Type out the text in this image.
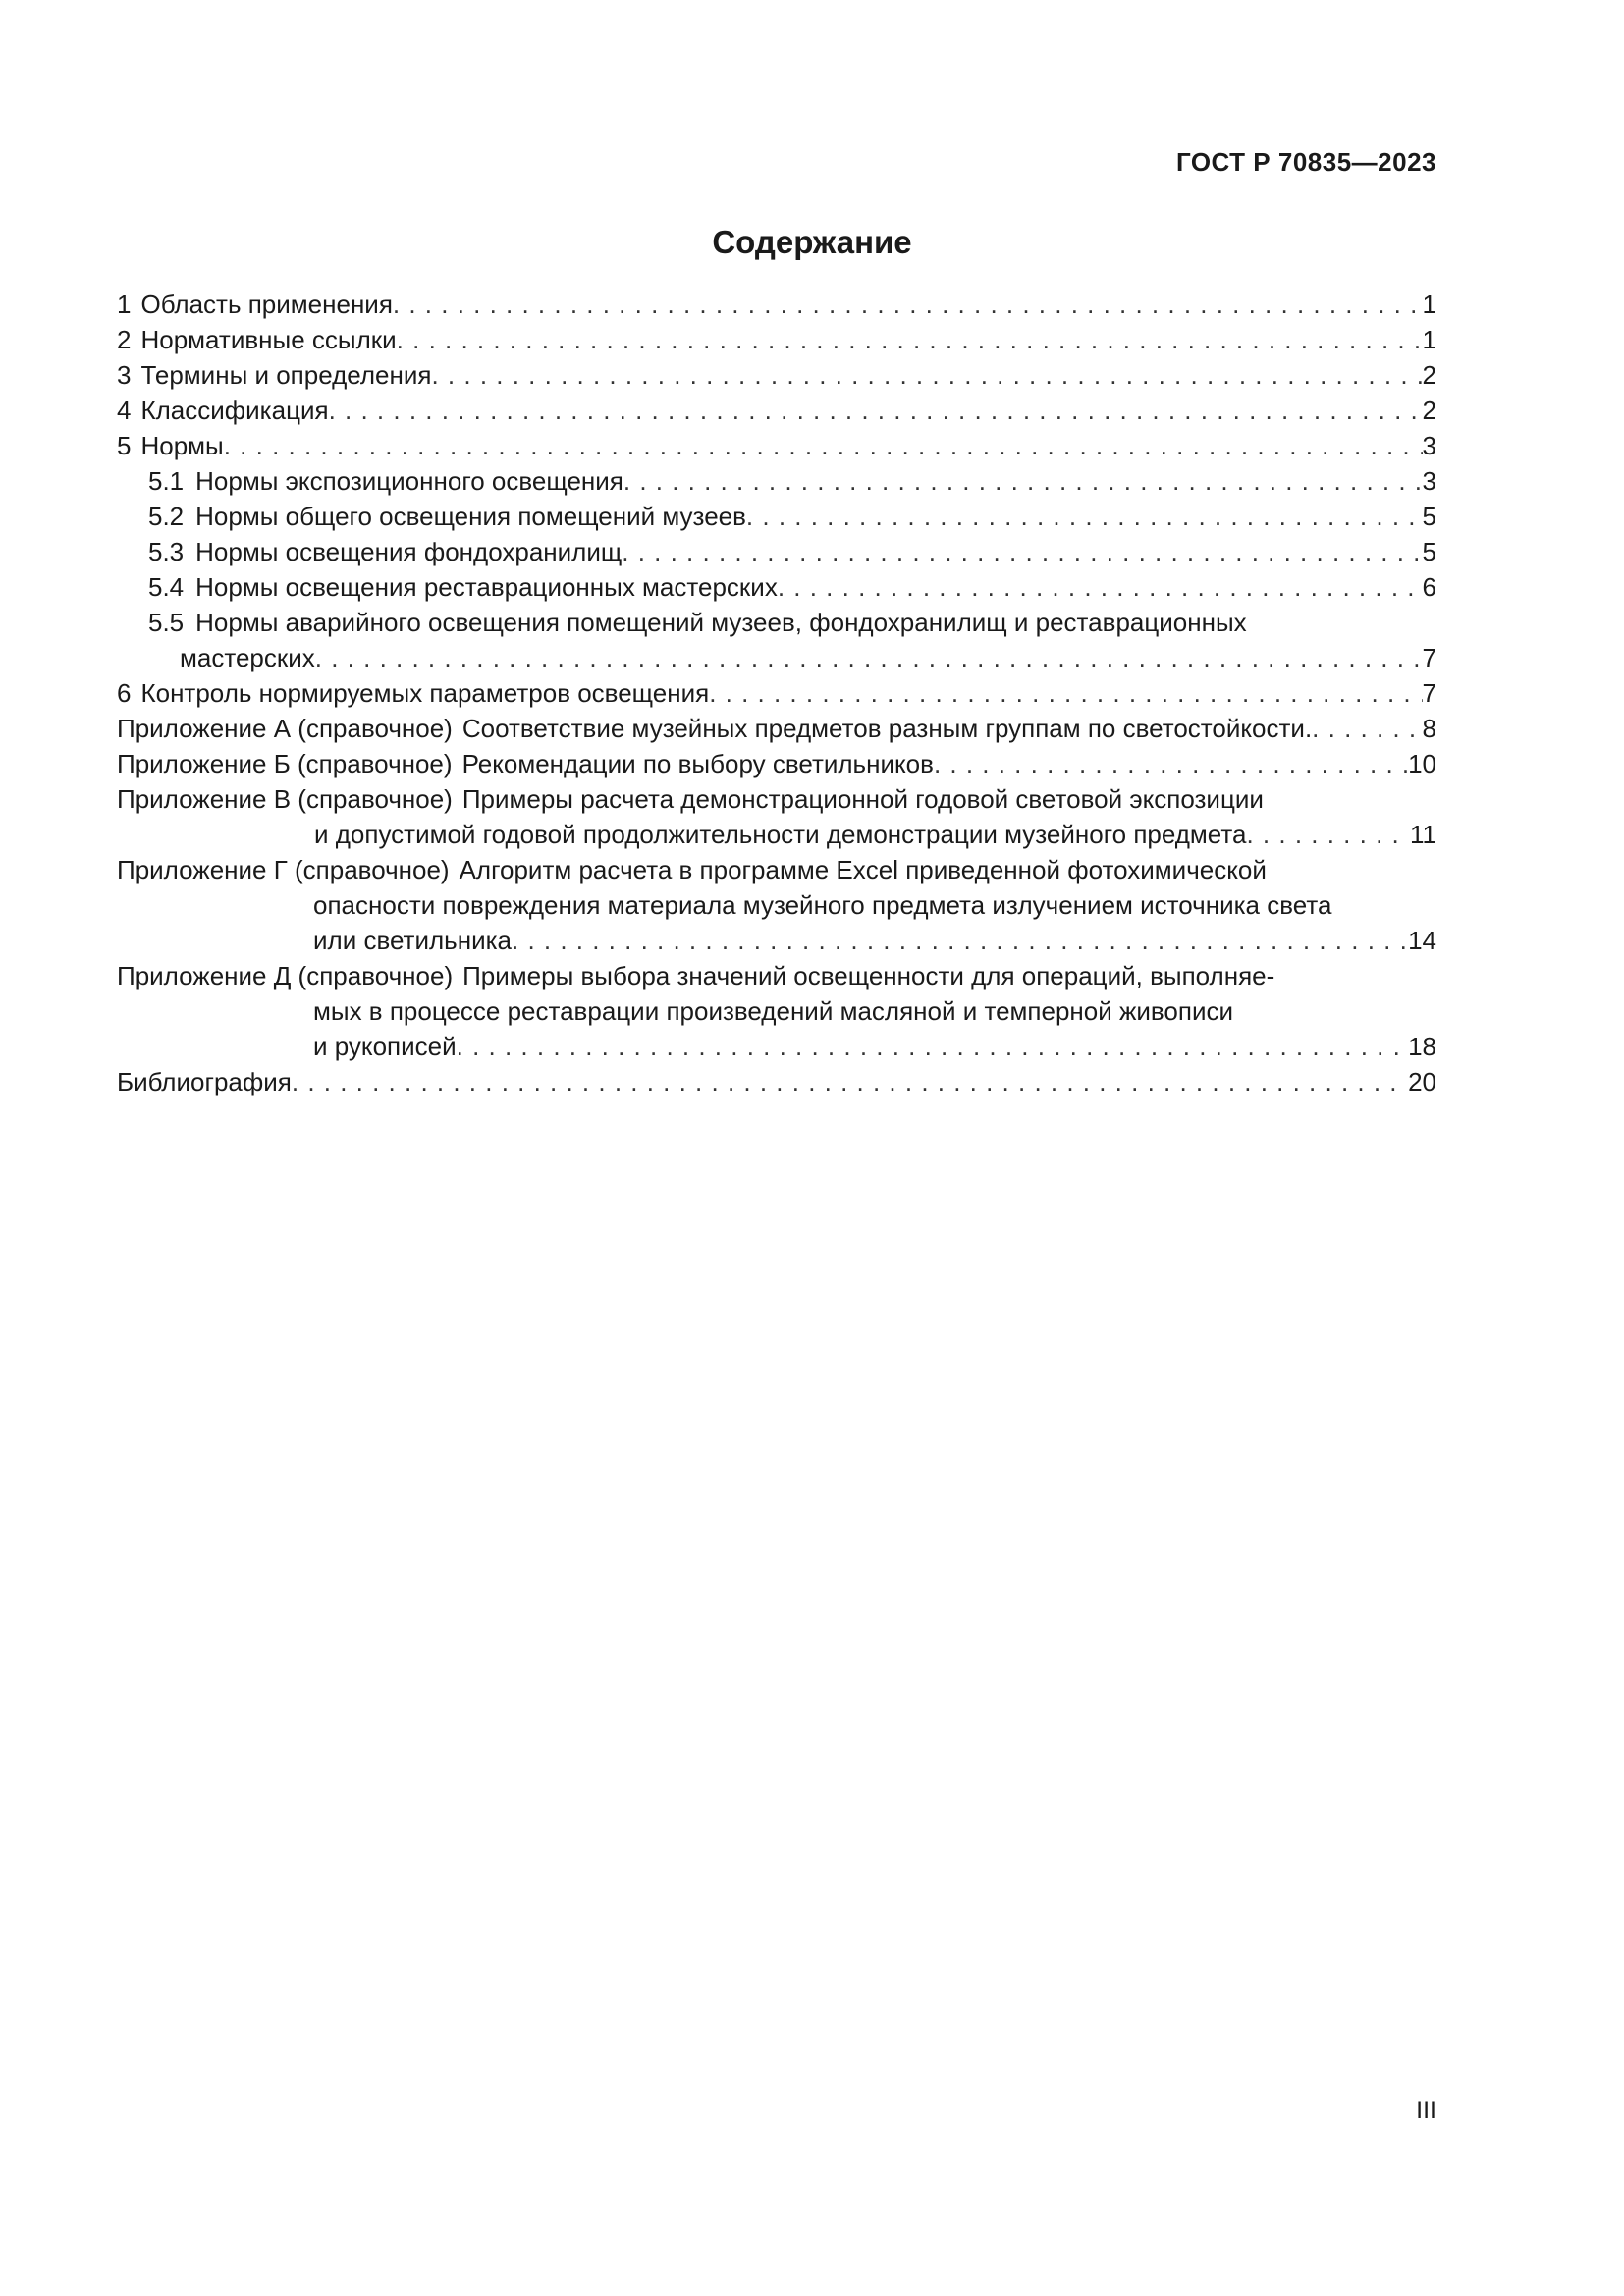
ГОСТ Р 70835—2023
Содержание
1 Область применения . . .	1
2 Нормативные ссылки . . .	1
3 Термины и определения . . .	2
4 Классификация . . .	2
5 Нормы . . .	3
5.1 Нормы экспозиционного освещения . . .	3
5.2 Нормы общего освещения помещений музеев . . .	5
5.3 Нормы освещения фондохранилищ . . .	5
5.4 Нормы освещения реставрационных мастерских . . .	6
5.5 Нормы аварийного освещения помещений музеев, фондохранилищ и реставрационных
мастерских . . .	7
6 Контроль нормируемых параметров освещения . . .	7
Приложение А (справочное) Соответствие музейных предметов разным группам по светостойкости. . . .	8
Приложение Б (справочное) Рекомендации по выбору светильников . . .	10
Приложение В (справочное) Примеры расчета демонстрационной годовой световой экспозиции
и допустимой годовой продолжительности демонстрации музейного предмета . . .	11
Приложение Г (справочное) Алгоритм расчета в программе Excel приведенной фотохимической
опасности повреждения материала музейного предмета излучением источника света
или светильника . . .	14
Приложение Д (справочное) Примеры выбора значений освещенности для операций, выполняе-
мых в процессе реставрации произведений масляной и темперной живописи
и рукописей . . .	18
Библиография . . .	20
III
